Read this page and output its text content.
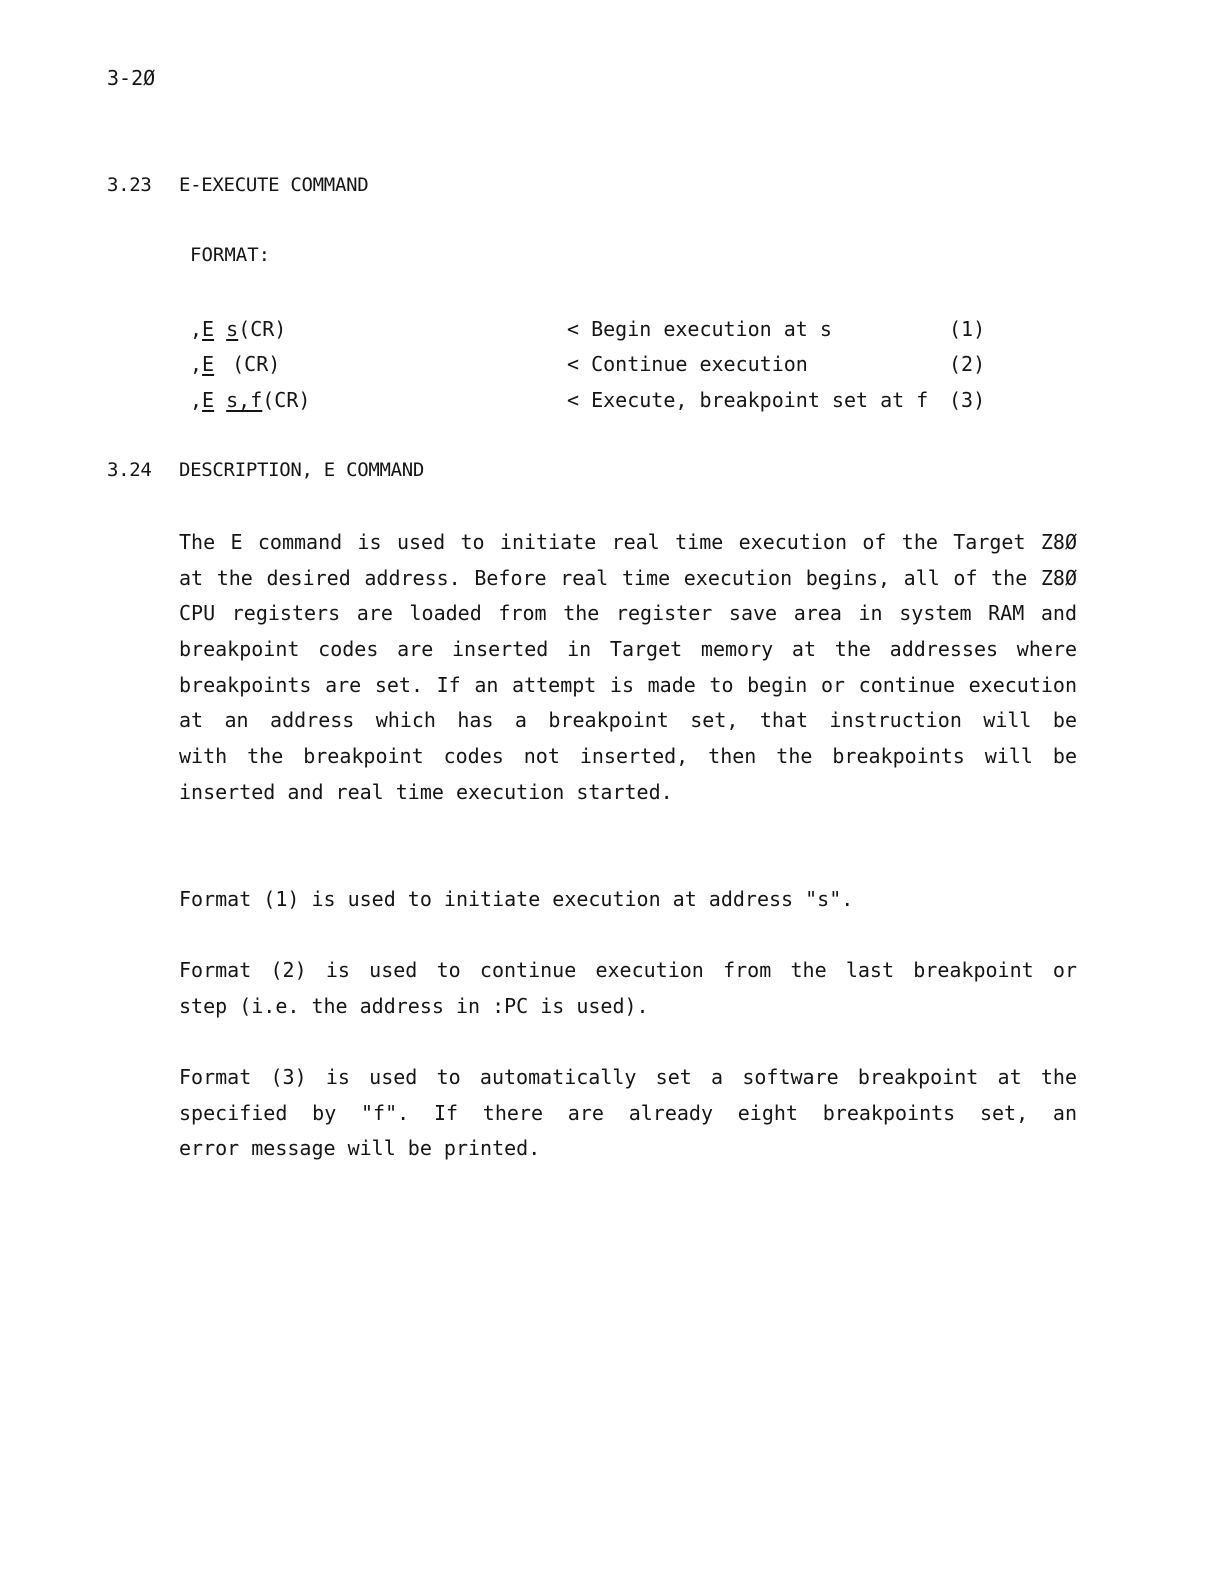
3-2Ø
3.23 E-EXECUTE COMMAND
FORMAT:
,E s(CR)	< Begin execution at s	(1)
,E (CR)	< Continue execution	(2)
,E s,f(CR)	< Execute, breakpoint set at f (3)
3.24 DESCRIPTION, E COMMAND
The E command is used to initiate real time execution of the Target Z8Ø
at the desired address. Before real time execution begins, all of the Z8Ø
CPU registers are loaded from the register save area in system RAM and
breakpoint codes are inserted in Target memory at the addresses where
breakpoints are set. If an attempt is made to begin or continue execution
at an address which has a breakpoint set, that instruction will be
with the breakpoint codes not inserted, then the breakpoints will be
inserted and real time execution started.
Format (1) is used to initiate execution at address "s".
Format (2) is used to continue execution from the last breakpoint or
step (i.e. the address in :PC is used).
Format (3) is used to automatically set a software breakpoint at the
specified by "f". If there are already eight breakpoints set, an
error message will be printed.
